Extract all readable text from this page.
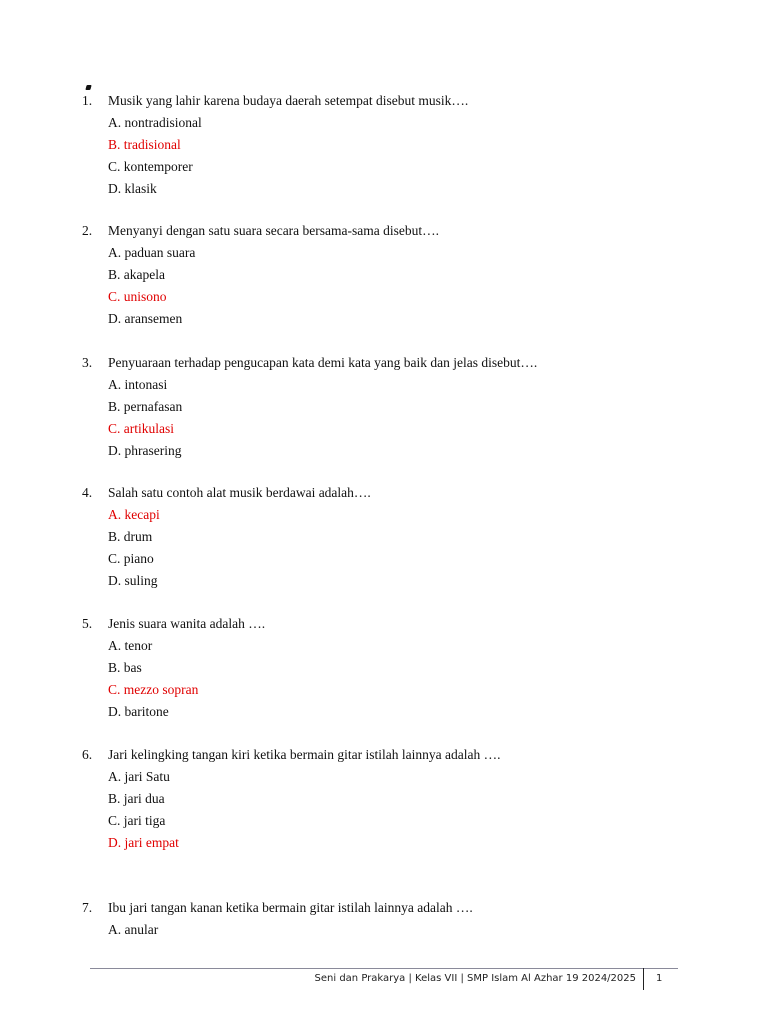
1. Musik yang lahir karena budaya daerah setempat disebut musik….
A. nontradisional
B. tradisional
C. kontemporer
D. klasik
2. Menyanyi dengan satu suara secara bersama-sama disebut….
A. paduan suara
B. akapela
C. unisono
D. aransemen
3. Penyuaraan terhadap pengucapan kata demi kata yang baik dan jelas disebut….
A. intonasi
B. pernafasan
C. artikulasi
D. phrasering
4. Salah satu contoh alat musik berdawai adalah….
A. kecapi
B. drum
C. piano
D. suling
5. Jenis suara wanita adalah ….
A. tenor
B. bas
C. mezzo sopran
D. baritone
6. Jari kelingking tangan kiri ketika bermain gitar istilah lainnya adalah ….
A. jari Satu
B. jari dua
C. jari tiga
D. jari empat
7. Ibu jari tangan kanan ketika bermain gitar istilah lainnya adalah ….
A. anular
Seni dan Prakarya | Kelas VII | SMP Islam Al Azhar 19 2024/2025 1
